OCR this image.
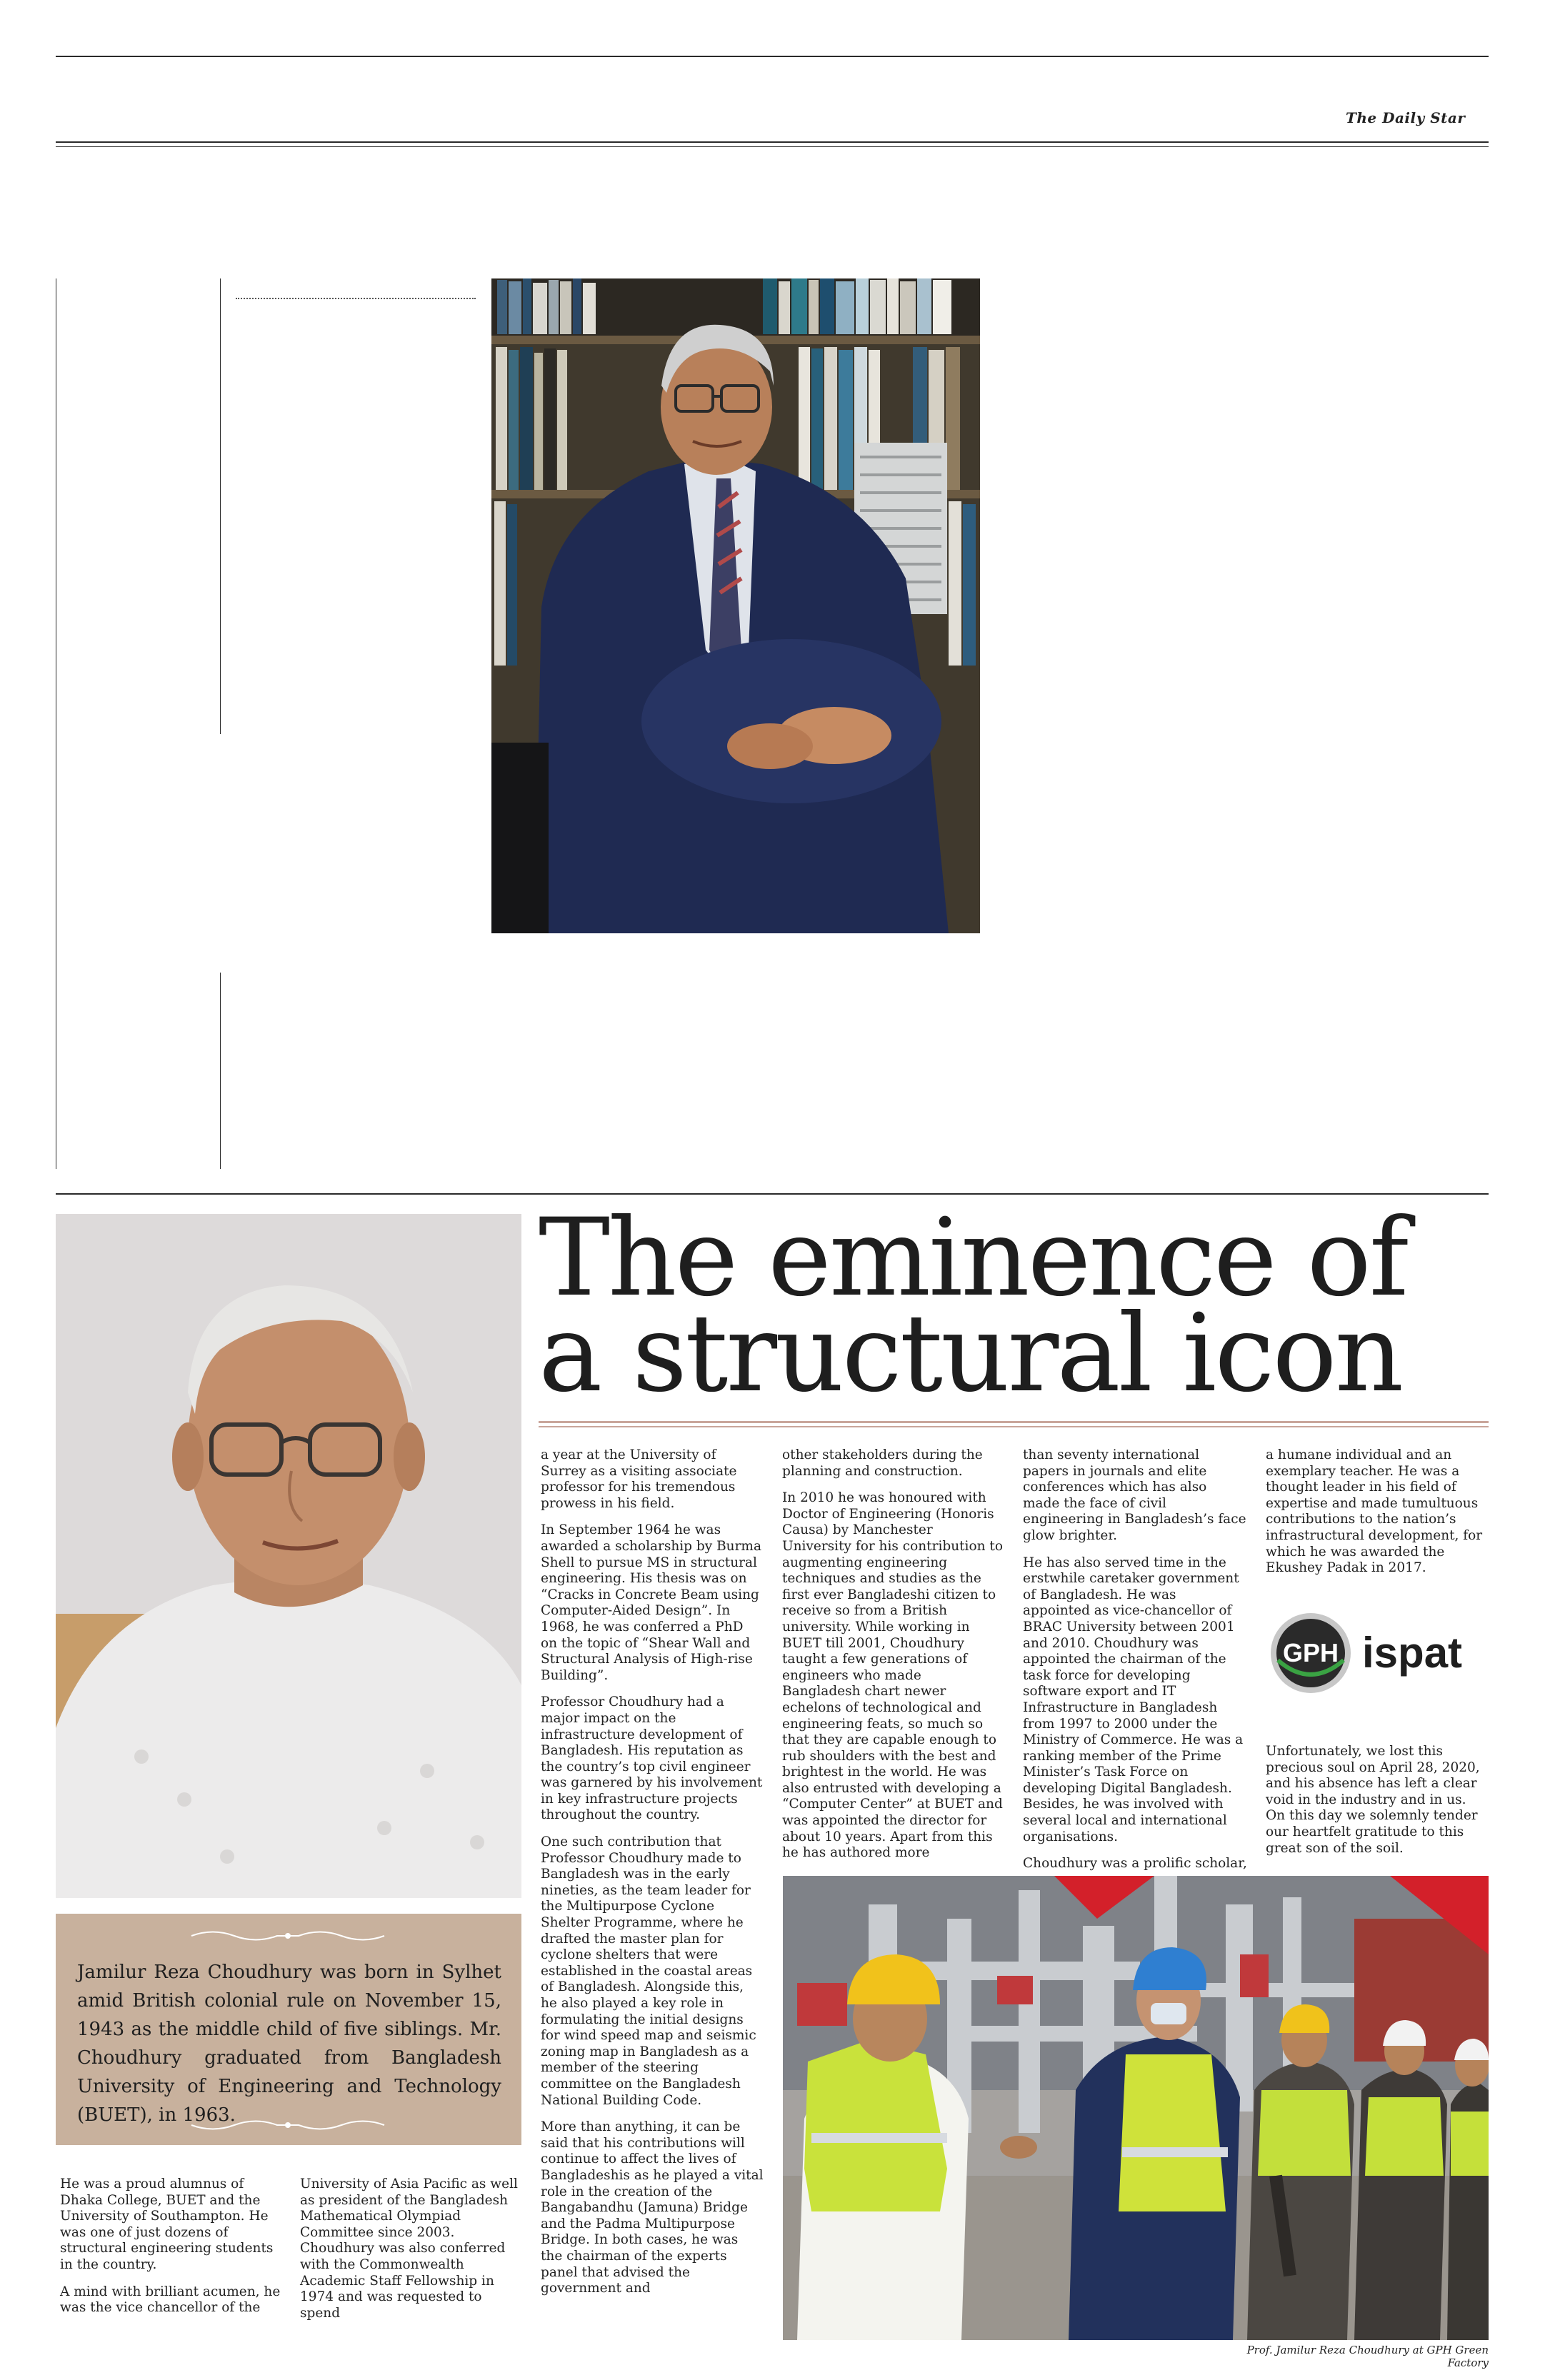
The Daily Star
The eminence of a structural icon

Jamilur Reza Choudhury was born in Sylhet amid British colonial rule on November 15, 1943 as the middle child of five siblings. Mr. Choudhury graduated from Bangladesh University of Engineering and Technology (BUET), in 1963.

He was a proud alumnus of Dhaka College, BUET and the University of Southampton. He was one of just dozens of structural engineering students in the country.

A mind with brilliant acumen, he was the vice chancellor of the

University of Asia Pacific as well as president of the Bangladesh Mathematical Olympiad Committee since 2003. Choudhury was also conferred with the Commonwealth Academic Staff Fellowship in 1974 and was requested to spend

a year at the University of Surrey as a visiting associate professor for his tremendous prowess in his field.

In September 1964 he was awarded a scholarship by Burma Shell to pursue MS in structural engineering. His thesis was on “Cracks in Concrete Beam using Computer-Aided Design”. In 1968, he was conferred a PhD on the topic of “Shear Wall and Structural Analysis of High-rise Building”.

Professor Choudhury had a major impact on the infrastructure development of Bangladesh. His reputation as the country’s top civil engineer was garnered by his involvement in key infrastructure projects throughout the country.

One such contribution that Professor Choudhury made to Bangladesh was in the early nineties, as the team leader for the Multipurpose Cyclone Shelter Programme, where he drafted the master plan for cyclone shelters that were established in the coastal areas of Bangladesh. Alongside this, he also played a key role in formulating the initial designs for wind speed map and seismic zoning map in Bangladesh as a member of the steering committee on the Bangladesh National Building Code.

More than anything, it can be said that his contributions will continue to affect the lives of Bangladeshis as he played a vital role in the creation of the Bangabandhu (Jamuna) Bridge and the Padma Multipurpose Bridge. In both cases, he was the chairman of the experts panel that advised the government and

other stakeholders during the planning and construction.

In 2010 he was honoured with Doctor of Engineering (Honoris Causa) by Manchester University for his contribution to augmenting engineering techniques and studies as the first ever Bangladeshi citizen to receive so from a British university. While working in BUET till 2001, Choudhury taught a few generations of engineers who made Bangladesh chart newer echelons of technological and engineering feats, so much so that they are capable enough to rub shoulders with the best and brightest in the world. He was also entrusted with developing a “Computer Center” at BUET and was appointed the director for about 10 years. Apart from this he has authored more

than seventy international papers in journals and elite conferences which has also made the face of civil engineering in Bangladesh’s face glow brighter.

He has also served time in the erstwhile caretaker government of Bangladesh. He was appointed as vice-chancellor of BRAC University between 2001 and 2010. Choudhury was appointed the chairman of the task force for developing software export and IT Infrastructure in Bangladesh from 1997 to 2000 under the Ministry of Commerce. He was a ranking member of the Prime Minister’s Task Force on developing Digital Bangladesh. Besides, he was involved with several local and international organisations.

Choudhury was a prolific scholar,

a humane individual and an exemplary teacher. He was a thought leader in his field of expertise and made tumultuous contributions to the nation’s infrastructural development, for which he was awarded the Ekushey Padak in 2017.

GPH ispat

Unfortunately, we lost this precious soul on April 28, 2020, and his absence has left a clear void in the industry and in us. On this day we solemnly tender our heartfelt gratitude to this great son of the soil.

Prof. Jamilur Reza Choudhury at GPH Green Factory
